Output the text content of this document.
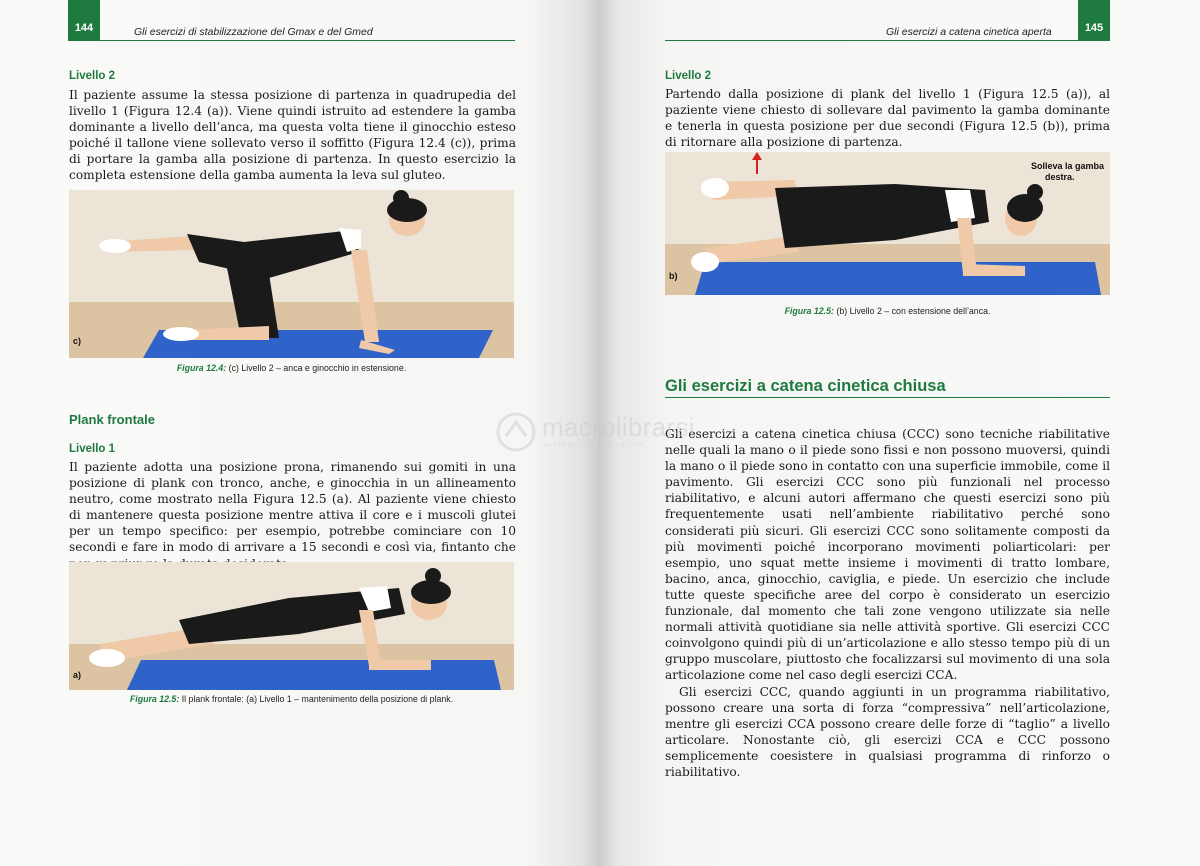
144	Gli esercizi di stabilizzazione del Gmax e del Gmed
Livello 2

Il paziente assume la stessa posizione di partenza in quadrupedia del livello 1 (Figura 12.4 (a)). Viene quindi istruito ad estendere la gamba dominante a livello dell’anca, ma questa volta tiene il ginocchio esteso poiché il tallone viene sollevato verso il soffitto (Figura 12.4 (c)), prima di portare la gamba alla posizione di partenza. In questo esercizio la completa estensione della gamba aumenta la leva sul gluteo.

c)
Figura 12.4: (c) Livello 2 – anca e ginocchio in estensione.
Plank frontale
Livello 1

Il paziente adotta una posizione prona, rimanendo sui gomiti in una posizione di plank con tronco, anche, e ginocchia in un allineamento neutro, come mostrato nella Figura 12.5 (a). Al paziente viene chiesto di mantenere questa posizione mentre attiva il core e i muscoli glutei per un tempo specifico: per esempio, potrebbe cominciare con 10 secondi e fare in modo di arrivare a 15 secondi e così via, fintanto che

a)
Figura 12.5: Il plank frontale: (a) Livello 1 – mantenimento della posizione di plank.
145
Gli esercizi a catena cinetica aperta
Livello 2

Partendo dalla posizione di plank del livello 1 (Figura 12.5 (a)), al paziente viene chiesto di sollevare dal pavimento la gamba dominante e tenerla in questa posizione per due secondi (Figura 12.5 (b)), prima di ritornare alla posizione di partenza.

Solleva la gamba
destra.
b)
Figura 12.5: (b) Livello 2 – con estensione dell’anca.
Gli esercizi a catena cinetica chiusa

Gli esercizi a catena cinetica chiusa (CCC) sono tecniche riabilitative nelle quali la mano o il piede sono fissi e non possono muoversi, quindi la mano o il piede sono in contatto con una superficie immobile, come il pavimento. Gli esercizi CCC sono più funzionali nel processo riabilitativo, e alcuni autori affermano che questi esercizi sono più frequentemente usati nell’ambiente riabilitativo perché sono considerati più sicuri. Gli esercizi CCC sono solitamente composti da più movimenti poiché incorporano movimenti poliarticolari: per esempio, uno squat mette insieme i movimenti di tratto lombare, bacino, anca, ginocchio, caviglia, e piede. Un esercizio che include tutte queste specifiche aree del corpo è considerato un esercizio funzionale, dal momento che tali zone vengono utilizzate sia nelle normali attività quotidiane sia nelle attività sportive. Gli esercizi CCC coinvolgono quindi più di un’articolazione e allo stesso tempo più di un gruppo muscolare, piuttosto che focalizzarsi sul movimento di una sola articolazione come nel caso degli esercizi CCA.

Gli esercizi CCC, quando aggiunti in un programma riabilitativo, possono creare una sorta di forza “compressiva” nell’articolazione, mentre gli esercizi CCA possono creare delle forze di “taglio” a livello articolare. Nonostante ciò, gli esercizi CCA e CCC possono semplicemente coesistere in qualsiasi programma di rinforzo o riabilitativo.

macrolibrarsi
ALTERNATIVE PER LA VITA
